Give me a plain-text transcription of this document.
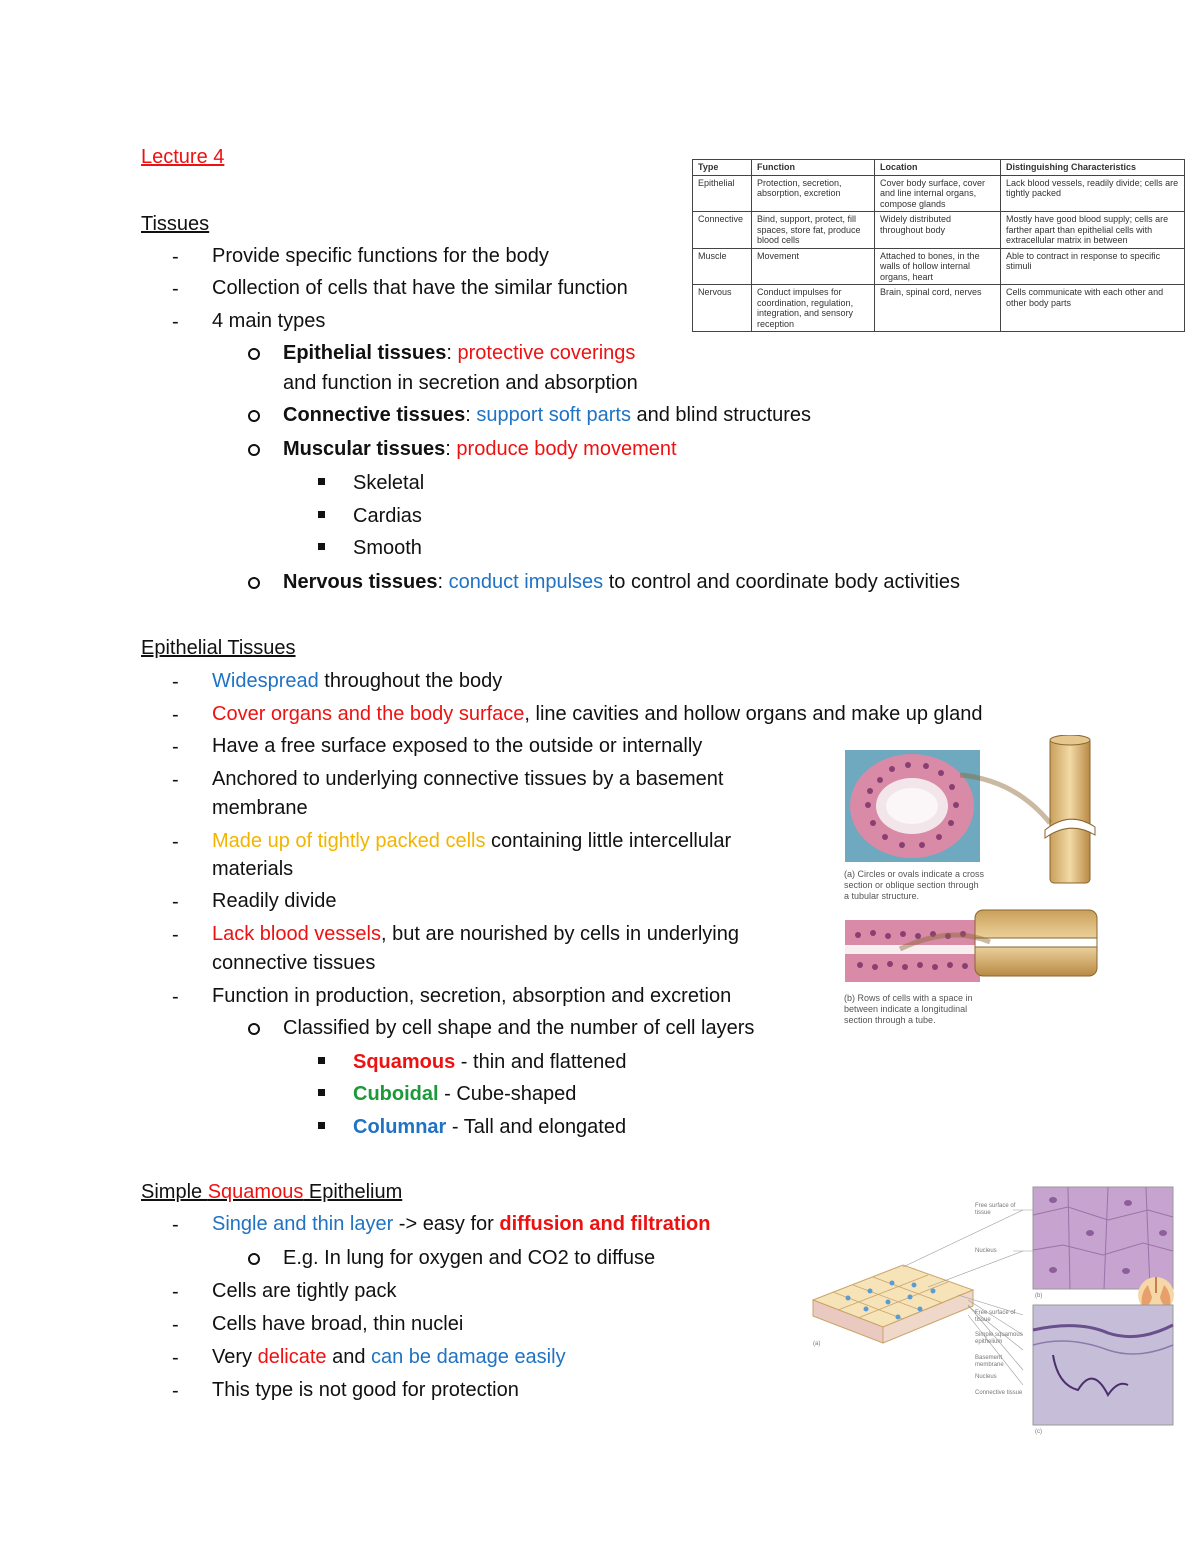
Lecture 4
Tissues
- Provide specific functions for the body
- Collection of cells that have the similar function
- 4 main types
Epithelial tissues: protective coverings
and function in secretion and absorption
Connective tissues: support soft parts and blind structures
Muscular tissues: produce body movement
Skeletal
Cardias
Smooth
Nervous tissues: conduct impulses to control and coordinate body activities
Epithelial Tissues
- Widespread throughout the body
- Cover organs and the body surface, line cavities and hollow organs and make up gland
- Have a free surface exposed to the outside or internally
- Anchored to underlying connective tissues by a basement
membrane
- Made up of tightly packed cells containing little intercellular
materials
- Readily divide
- Lack blood vessels, but are nourished by cells in underlying
connective tissues
- Function in production, secretion, absorption and excretion
Classified by cell shape and the number of cell layers
Squamous - thin and flattened
Cuboidal - Cube-shaped
Columnar - Tall and elongated
Simple Squamous Epithelium
- Single and thin layer -> easy for diffusion and filtration
E.g. In lung for oxygen and CO2 to diffuse
- Cells are tightly pack
- Cells have broad, thin nuclei
- Very delicate and can be damage easily
- This type is not good for protection
Type	Function	Location	Distinguishing Characteristics
Epithelial	Protection, secretion, absorption, excretion	Cover body surface, cover and line internal organs, compose glands	Lack blood vessels, readily divide; cells are tightly packed
Connective	Bind, support, protect, fill spaces, store fat, produce blood cells	Widely distributed throughout body	Mostly have good blood supply; cells are farther apart than epithelial cells with extracellular matrix in between
Muscle	Movement	Attached to bones, in the walls of hollow internal organs, heart	Able to contract in response to specific stimuli
Nervous	Conduct impulses for coordination, regulation, integration, and sensory reception	Brain, spinal cord, nerves	Cells communicate with each other and other body parts
(a) Circles or ovals indicate a cross
section or oblique section through
a tubular structure.
(b) Rows of cells with a space in
between indicate a longitudinal
section through a tube.
(a)
(b)
(c)
Free surface of tissue
Nucleus
Free surface of tissue
Simple squamous epithelium
Basement membrane
Nucleus
Connective tissue
